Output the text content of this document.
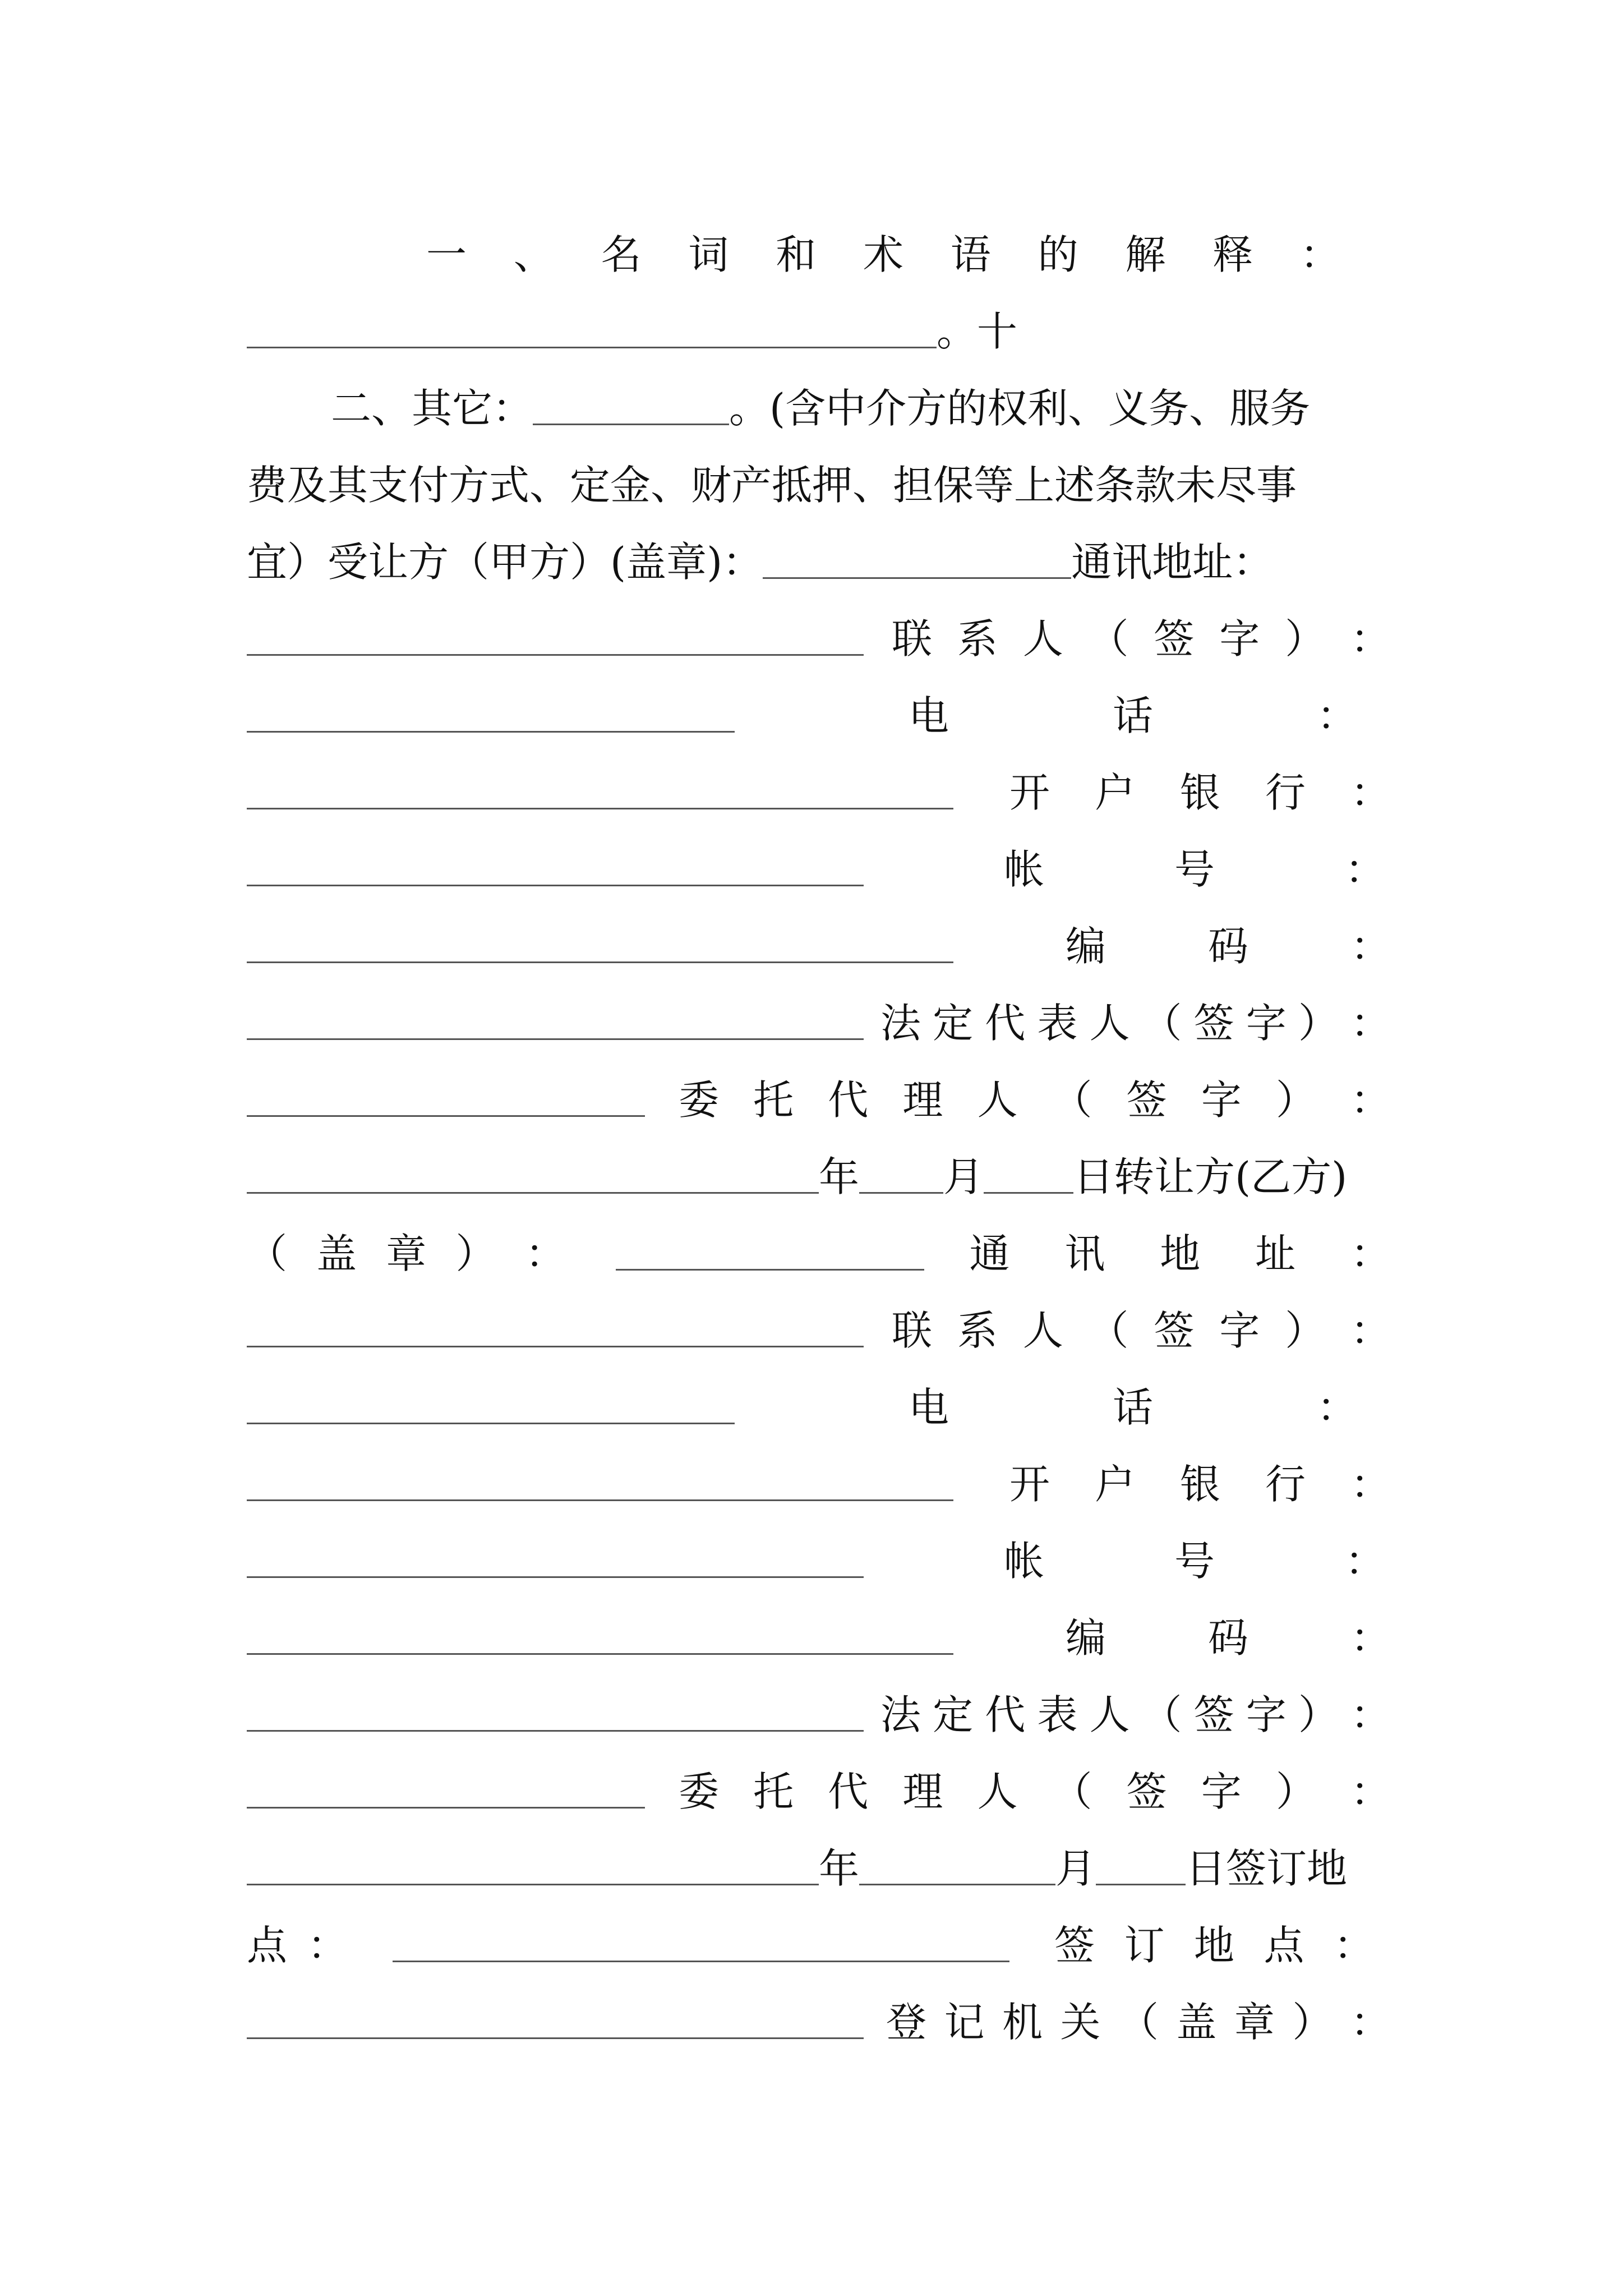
一 、 名 词 和 术 语 的 解 释 ：
。十
二、其它：	。(含中介方的权利、义务、服务
费及其支付方式、定金、财产抵押、担保等上述条款未尽事
宜）受让方（甲方）(盖章)：	通讯地址：
联 系 人 （ 签 字 ） ：
电	话	：
开 户 银 行 ：
帐	号	：
编	码	：
法 定 代 表 人 （ 签 字 ） ：
委 托 代 理 人 （ 签 字 ） ：
年 月 日转让方(乙方)
（ 盖 章 ） ：	通 讯 地 址 ：
联 系 人 （ 签 字 ） ：
电	话	：
开 户 银 行 ：
帐	号	：
编	码	：
法 定 代 表 人 （ 签 字 ） ：
委 托 代 理 人 （ 签 字 ） ：
年	月 日签订地
点 ：	签 订 地 点 ：
登 记 机 关 （ 盖 章 ） ：
